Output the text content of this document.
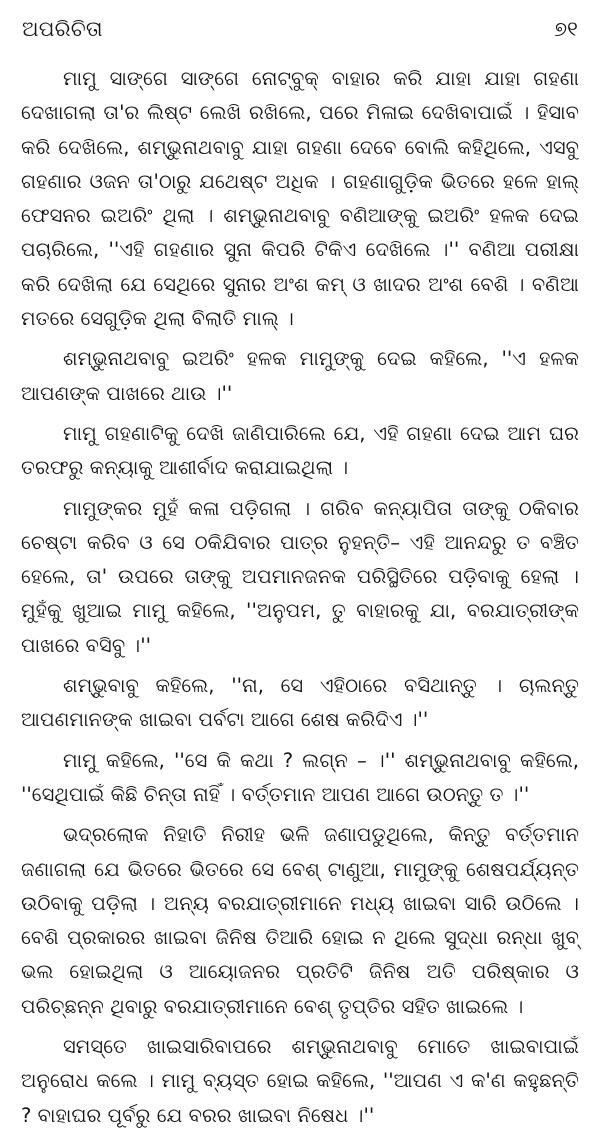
ଅପରିଚିତା	୭୧

ମାମୁ ସାଙ୍ଗେ ସାଙ୍ଗେ ନୋଟ୍‌ବୁକ୍ ବାହାର କରି ଯାହା ଯାହା ଗହଣା ଦେଖାଗଲା ତା'ର ଲିଷ୍ଟ ଲେଖି ରଖିଲେ, ପରେ ମିଳାଇ ଦେଖିବାପାଇଁ । ହିସାବ କରି ଦେଖିଲେ, ଶମ୍ଭୁନାଥବାବୁ ଯାହା ଗହଣା ଦେବେ ବୋଲି କହିଥିଲେ, ଏସବୁ ଗହଣାର ଓଜନ ତା'ଠାରୁ ଯଥେଷ୍ଟ ଅଧିକ । ଗହଣାଗୁଡ଼ିକ ଭିତରେ ହଳେ ହାଲ୍ ଫେସନର ଇଅରିଂ ଥିଲା । ଶମ୍ଭୁନାଥବାବୁ ବଣିଆଙ୍କୁ ଇଅରିଂ ହଳକ ଦେଇ ପଚାରିଲେ, ''ଏହି ଗହଣାର ସୁନା କିପରି ଟିକିଏ ଦେଖିଲେ ।'' ବଣିଆ ପରୀକ୍ଷା କରି ଦେଖିଲା ଯେ ସେଥିରେ ସୁନାର ଅଂଶ କମ୍ ଓ ଖାଦର ଅଂଶ ବେଶି । ବଣିଆ ମତରେ ସେଗୁଡ଼ିକ ଥିଲା ବିଲାତି ମାଲ୍ ।

ଶମ୍ଭୁନାଥବାବୁ ଇଅରିଂ ହଳକ ମାମୁଙ୍କୁ ଦେଇ କହିଲେ, ''ଏ ହଳକ ଆପଣଙ୍କ ପାଖରେ ଥାଉ ।''

ମାମୁ ଗହଣାଟିକୁ ଦେଖି ଜାଣିପାରିଲେ ଯେ, ଏହି ଗହଣା ଦେଇ ଆମ ଘର ତରଫରୁ କନ୍ୟାକୁ ଆଶୀର୍ବାଦ କରାଯାଇଥିଲା ।

ମାମୁଙ୍କର ମୁହଁ କଳା ପଡ଼ିଗଲା । ଗରିବ କନ୍ୟାପିତା ତାଙ୍କୁ ଠକିବାର ଚେଷ୍ଟା କରିବ ଓ ସେ ଠକିଯିବାର ପାତ୍ର ନୁହନ୍ତି– ଏହି ଆନନ୍ଦରୁ ତ ବଞ୍ଚିତ ହେଲେ, ତା' ଉପରେ ତାଙ୍କୁ ଅପମାନଜନକ ପରିସ୍ଥିତିରେ ପଡ଼ିବାକୁ ହେଲା । ମୁହଁକୁ ଖୁଆଇ ମାମୁ କହିଲେ, ''ଅନୁପମ, ତୁ ବାହାରକୁ ଯା, ବରଯାତ୍ରୀଙ୍କ ପାଖରେ ବସିବୁ ।''

ଶମ୍ଭୁବାବୁ କହିଲେ, ''ନା, ସେ ଏହିଠାରେ ବସିଥାନ୍ତୁ । ଚାଲନ୍ତୁ ଆପଣମାନଙ୍କ ଖାଇବା ପର୍ବଟା ଆଗେ ଶେଷ କରିଦିଏ ।''

ମାମୁ କହିଲେ, ''ସେ କି କଥା ? ଲଗ୍ନ – ।'' ଶମ୍ଭୁନାଥବାବୁ କହିଲେ, ''ସେଥିପାଇଁ କିଛି ଚିନ୍ତା ନାହିଁ । ବର୍ତ୍ତମାନ ଆପଣ ଆଗେ ଉଠନ୍ତୁ ତ ।''

ଭଦ୍ରଲୋକ ନିହାତି ନିରୀହ ଭଳି ଜଣାପଡୁଥିଲେ, କିନ୍ତୁ ବର୍ତ୍ତମାନ ଜଣାଗଲା ଯେ ଭିତରେ ଭିତରେ ସେ ବେଶ୍ ଟାଣୁଆ, ମାମୁଙ୍କୁ ଶେଷପର୍ଯ୍ୟନ୍ତ ଉଠିବାକୁ ପଡ଼ିଲା । ଅନ୍ୟ ବରଯାତ୍ରୀମାନେ ମଧ୍ୟ ଖାଇବା ସାରି ଉଠିଲେ । ବେଶି ପ୍ରକାରର ଖାଇବା ଜିନିଷ ତିଆରି ହୋଇ ନ ଥିଲେ ସୁଦ୍ଧା ରନ୍ଧା ଖୁବ୍ ଭଲ ହୋଇଥିଲା ଓ ଆୟୋଜନର ପ୍ରତିଟି ଜିନିଷ ଅତି ପରିଷ୍କାର ଓ ପରିଚ୍ଛନ୍ନ ଥିବାରୁ ବରଯାତ୍ରୀମାନେ ବେଶ୍ ତୃପ୍ତିର ସହିତ ଖାଇଲେ ।

ସମସ୍ତେ ଖାଇସାରିବାପରେ ଶମ୍ଭୁନାଥବାବୁ ମୋତେ ଖାଇବାପାଇଁ ଅନୁରୋଧ କଲେ । ମାମୁ ବ୍ୟସ୍ତ ହୋଇ କହିଲେ, ''ଆପଣ ଏ କ'ଣ କହୁଛନ୍ତି ? ବାହାଘର ପୂର୍ବରୁ ଯେ ବରର ଖାଇବା ନିଷେଧ ।''
